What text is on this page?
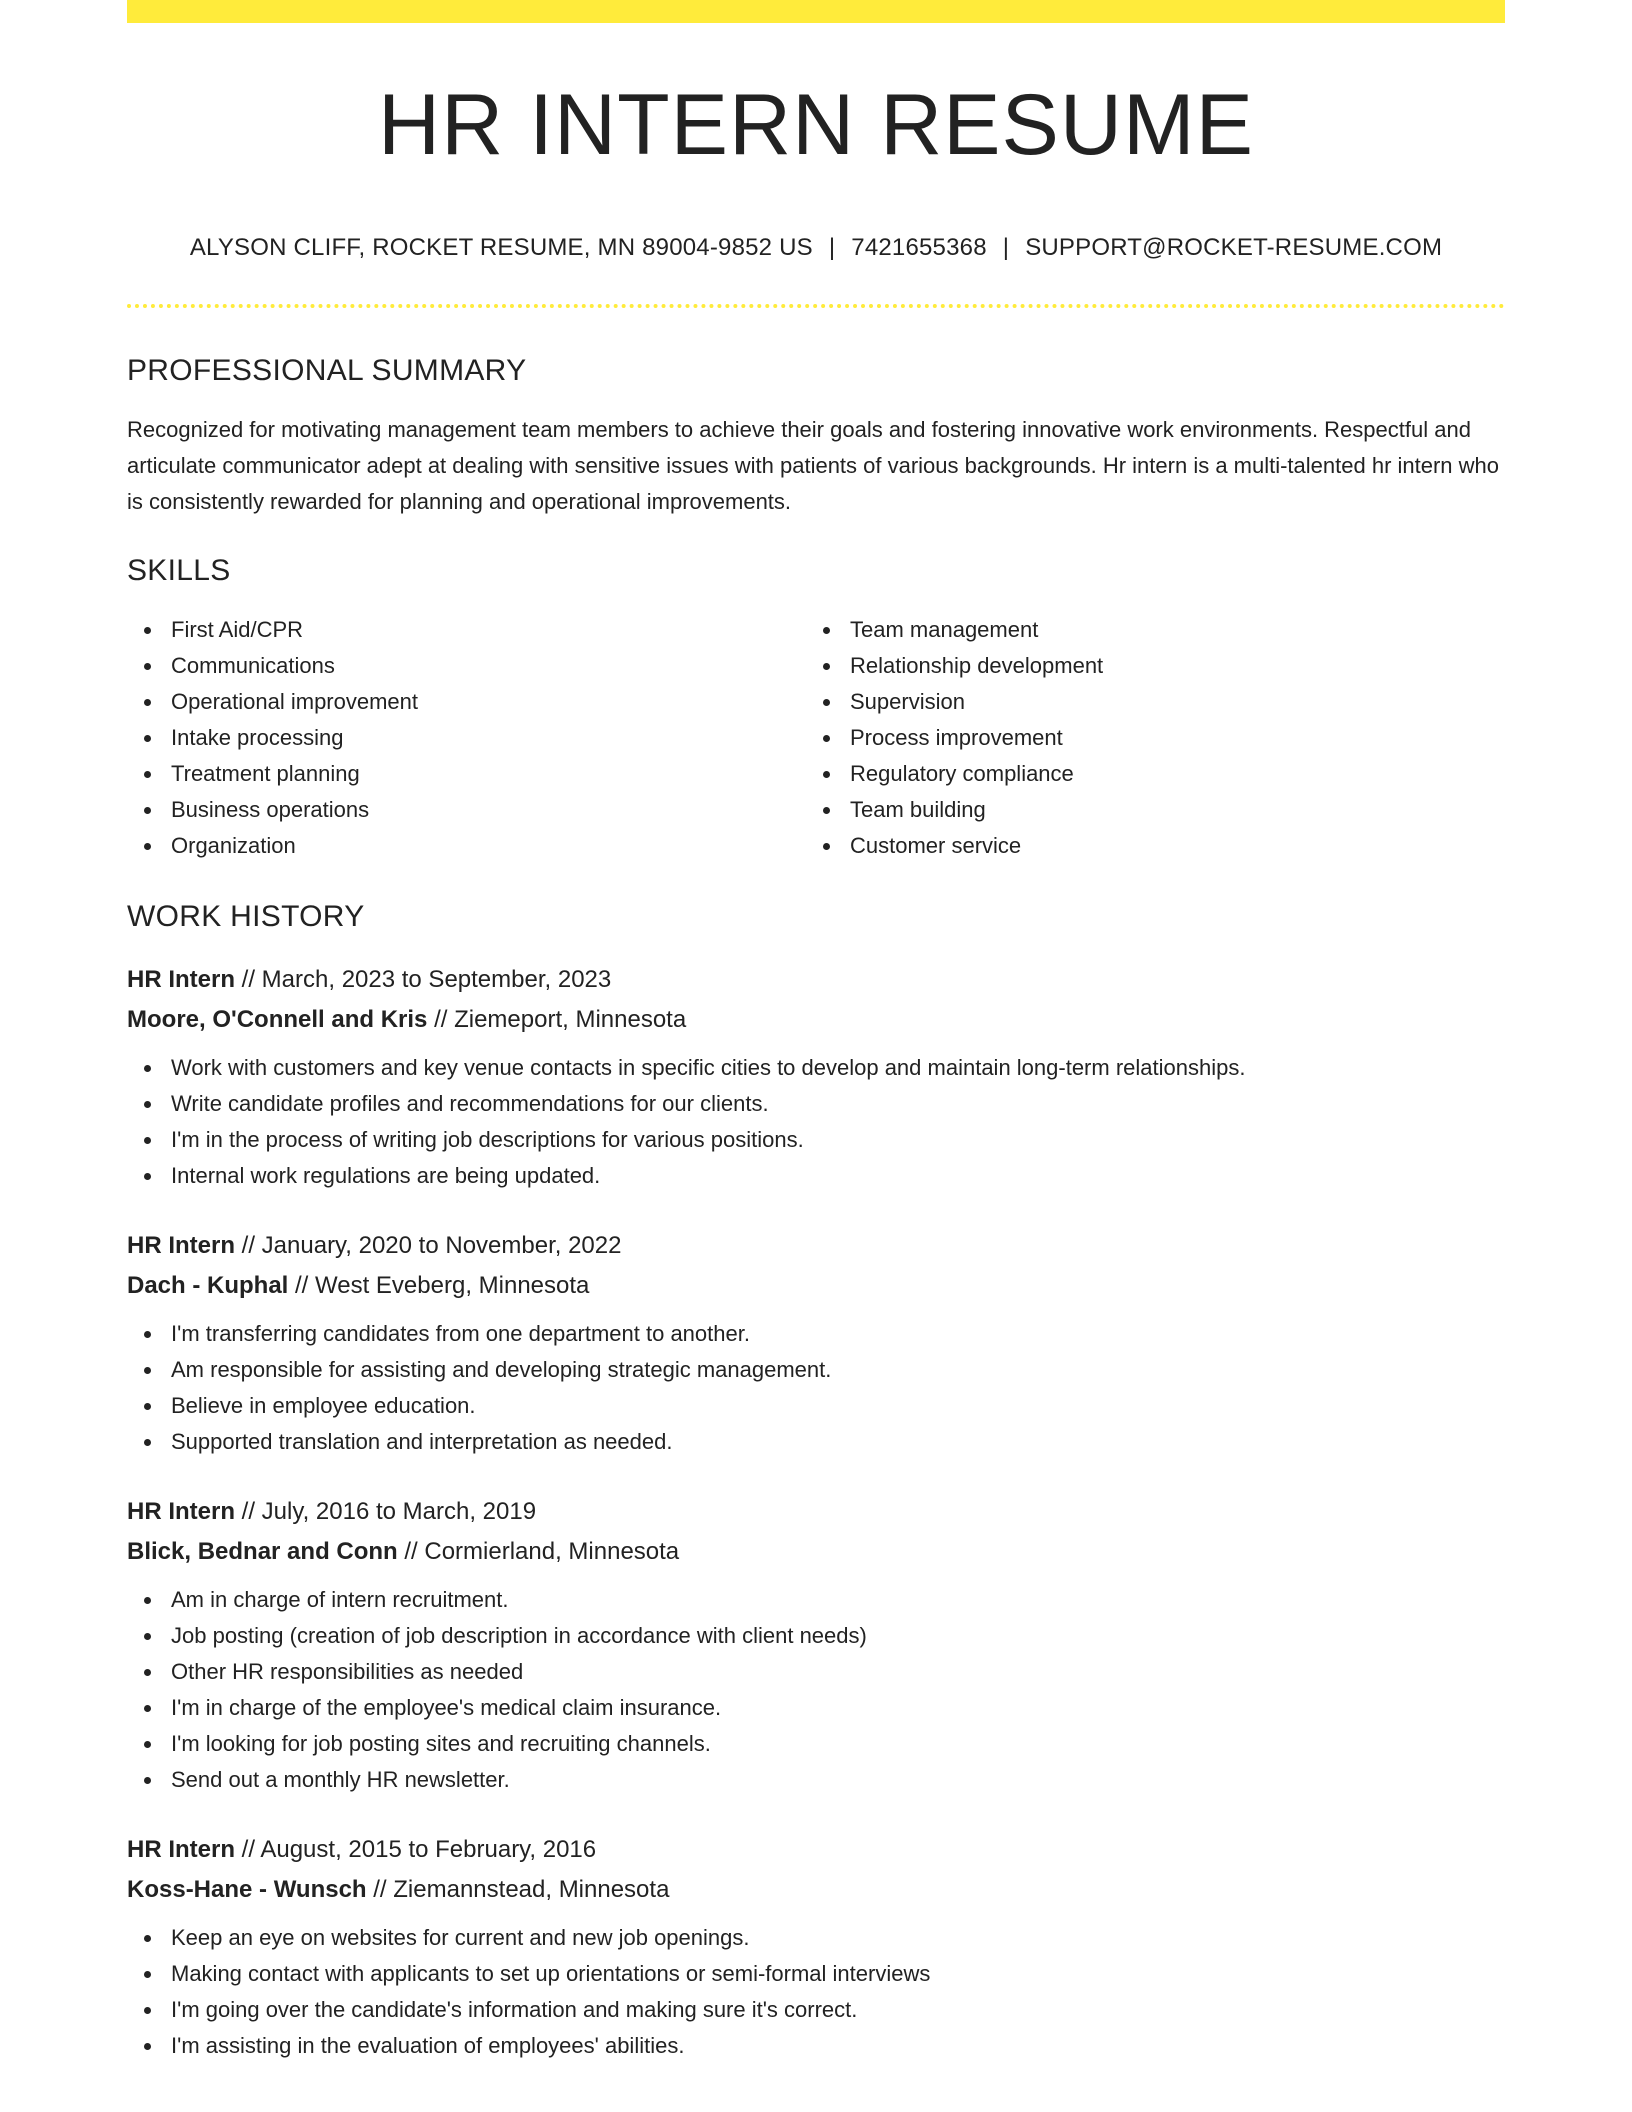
HR INTERN RESUME
ALYSON CLIFF, ROCKET RESUME, MN 89004-9852 US | 7421655368 | SUPPORT@ROCKET-RESUME.COM
PROFESSIONAL SUMMARY

Recognized for motivating management team members to achieve their goals and fostering innovative work environments. Respectful and articulate communicator adept at dealing with sensitive issues with patients of various backgrounds. Hr intern is a multi-talented hr intern who is consistently rewarded for planning and operational improvements.

SKILLS
First Aid/CPR
Communications
Operational improvement
Intake processing
Treatment planning
Business operations
Organization
Team management
Relationship development
Supervision
Process improvement
Regulatory compliance
Team building
Customer service
WORK HISTORY
HR Intern // March, 2023 to September, 2023
Moore, O'Connell and Kris // Ziemeport, Minnesota
Work with customers and key venue contacts in specific cities to develop and maintain long-term relationships.
Write candidate profiles and recommendations for our clients.
I'm in the process of writing job descriptions for various positions.
Internal work regulations are being updated.
HR Intern // January, 2020 to November, 2022
Dach - Kuphal // West Eveberg, Minnesota
I'm transferring candidates from one department to another.
Am responsible for assisting and developing strategic management.
Believe in employee education.
Supported translation and interpretation as needed.
HR Intern // July, 2016 to March, 2019
Blick, Bednar and Conn // Cormierland, Minnesota
Am in charge of intern recruitment.
Job posting (creation of job description in accordance with client needs)
Other HR responsibilities as needed
I'm in charge of the employee's medical claim insurance.
I'm looking for job posting sites and recruiting channels.
Send out a monthly HR newsletter.
HR Intern // August, 2015 to February, 2016
Koss-Hane - Wunsch // Ziemannstead, Minnesota
Keep an eye on websites for current and new job openings.
Making contact with applicants to set up orientations or semi-formal interviews
I'm going over the candidate's information and making sure it's correct.
I'm assisting in the evaluation of employees' abilities.
